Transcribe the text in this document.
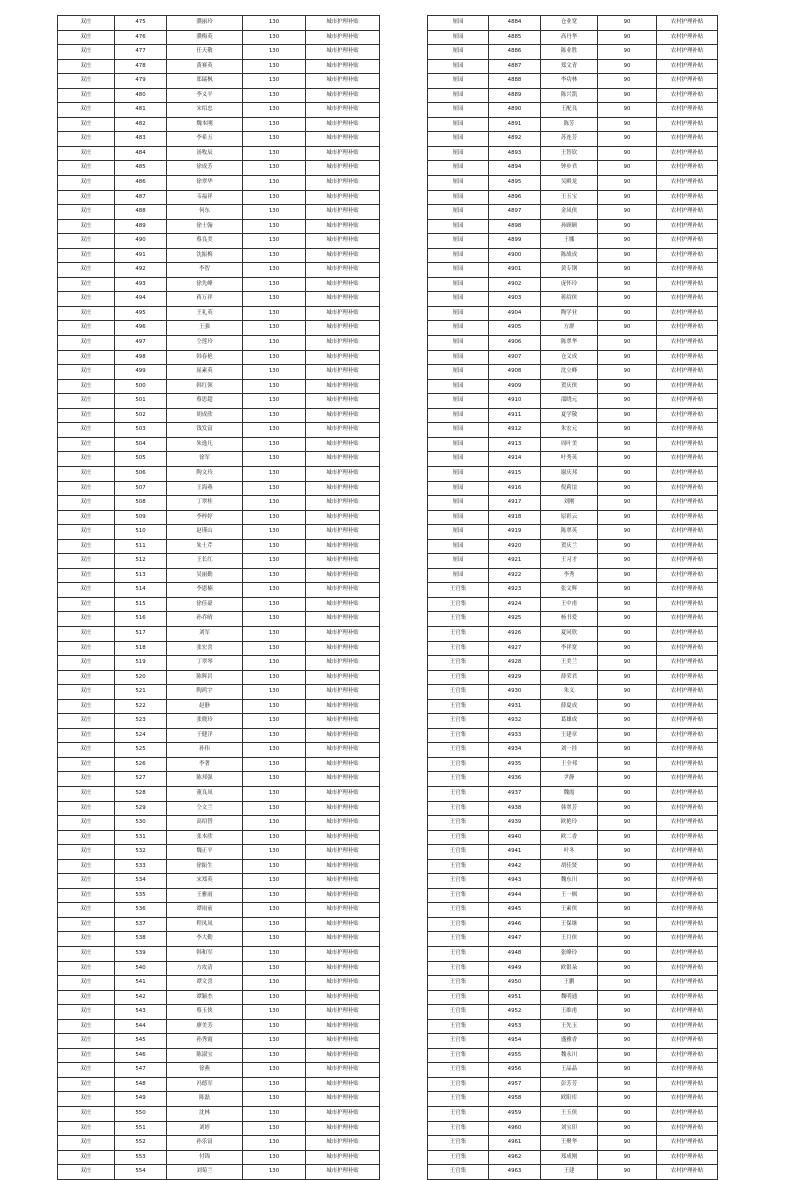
双庄	475	濮丽玲	130	城市护理补贴
双庄	476	濮梅英	130	城市护理补贴
双庄	477	任天敬	130	城市护理补贴
双庄	478	黄赛英	130	城市护理补贴
双庄	479	郑瑞枫	130	城市护理补贴
双庄	480	李义平	130	城市护理补贴
双庄	481	宋绍忠	130	城市护理补贴
双庄	482	魏本刚	130	城市护理补贴
双庄	483	李希五	130	城市护理补贴
双庄	484	汤牧辰	130	城市护理补贴
双庄	485	徐成芳	130	城市护理补贴
双庄	486	徐翠华	130	城市护理补贴
双庄	487	韦福祥	130	城市护理补贴
双庄	488	何东	130	城市护理补贴
双庄	489	徐士翰	130	城市护理补贴
双庄	490	蔡良美	130	城市护理补贴
双庄	491	沈振梅	130	城市护理补贴
双庄	492	李智	130	城市护理补贴
双庄	493	徐先峰	130	城市护理补贴
双庄	494	蒋万祥	130	城市护理补贴
双庄	495	王礼英	130	城市护理补贴
双庄	496	王强	130	城市护理补贴
双庄	497	仝莲玲	130	城市护理补贴
双庄	498	韩春艳	130	城市护理补贴
双庄	499	屈素英	130	城市护理补贴
双庄	500	韩红领	130	城市护理补贴
双庄	501	蔡思超	130	城市护理补贴
双庄	502	胡成欣	130	城市护理补贴
双庄	503	钱发富	130	城市护理补贴
双庄	504	朱逸凡	130	城市护理补贴
双庄	505	徐军	130	城市护理补贴
双庄	506	陶文玲	130	城市护理补贴
双庄	507	王海燕	130	城市护理补贴
双庄	508	丁翠桂	130	城市护理补贴
双庄	509	李梓婷	130	城市护理补贴
双庄	510	赵瑾山	130	城市护理补贴
双庄	511	朱士芹	130	城市护理补贴
双庄	512	王长红	130	城市护理补贴
双庄	513	吴丽勤	130	城市护理补贴
双庄	514	李恩楠	130	城市护理补贴
双庄	515	徐佳豪	130	城市护理补贴
双庄	516	孙乔晴	130	城市护理补贴
双庄	517	刘军	130	城市护理补贴
双庄	518	张宏喜	130	城市护理补贴
双庄	519	丁翠琴	130	城市护理补贴
双庄	520	陈辉岩	130	城市护理补贴
双庄	521	陶鸿宇	130	城市护理补贴
双庄	522	赵静	130	城市护理补贴
双庄	523	张晓玲	130	城市护理补贴
双庄	524	于健洋	130	城市护理补贴
双庄	525	孙伟	130	城市护理补贴
双庄	526	李著	130	城市护理补贴
双庄	527	陈邦强	130	城市护理补贴
双庄	528	董良凤	130	城市护理补贴
双庄	529	仝文兰	130	城市护理补贴
双庄	530	高绍替	130	城市护理补贴
双庄	531	张本欣	130	城市护理补贴
双庄	532	魏正平	130	城市护理补贴
双庄	533	徐振生	130	城市护理补贴
双庄	534	宋郑英	130	城市护理补贴
双庄	535	王雅雨	130	城市护理补贴
双庄	536	谭雨前	130	城市护理补贴
双庄	537	程凤凤	130	城市护理补贴
双庄	538	李大勤	130	城市护理补贴
双庄	539	韩和军	130	城市护理补贴
双庄	540	方攻清	130	城市护理补贴
双庄	541	谭文喜	130	城市护理补贴
双庄	542	谭颖杰	130	城市护理补贴
双庄	543	蔡玉侠	130	城市护理补贴
双庄	544	廖美芳	130	城市护理补贴
双庄	545	孙秀霞	130	城市护理补贴
双庄	546	陈淑宝	130	城市护理补贴
双庄	547	徐燕	130	城市护理补贴
双庄	548	冯德军	130	城市护理补贴
双庄	549	陈磊	130	城市护理补贴
双庄	550	沈林	130	城市护理补贴
双庄	551	刘婷	130	城市护理补贴
双庄	552	孙乐富	130	城市护理补贴
双庄	553	付锦	130	城市护理补贴
双庄	554	刘菊兰	130	城市护理补贴
厘园	4884	仓业宽	90	农村护理补贴
厘园	4885	高丹华	90	农村护理补贴
厘园	4886	陈业胜	90	农村护理补贴
厘园	4887	郑文青	90	农村护理补贴
厘园	4888	李功林	90	农村护理补贴
厘园	4889	陈兴凯	90	农村护理补贴
厘园	4890	王配良	90	农村护理补贴
厘园	4891	陈芳	90	农村护理补贴
厘园	4892	苏连芳	90	农村护理补贴
厘园	4893	王智钦	90	农村护理补贴
厘园	4894	钟步君	90	农村护理补贴
厘园	4895	吴殿龙	90	农村护理补贴
厘园	4896	王玉宝	90	农村护理补贴
厘园	4897	金凤侠	90	农村护理补贴
厘园	4898	孙顾顾	90	农村护理补贴
厘园	4899	王娜	90	农村护理补贴
厘园	4900	陈战成	90	农村护理补贴
厘园	4901	黄专钢	90	农村护理补贴
厘园	4902	庞怀玲	90	农村护理补贴
厘园	4903	蒋绍侠	90	农村护理补贴
厘园	4904	陶学业	90	农村护理补贴
厘园	4905	方群	90	农村护理补贴
厘园	4906	陈翠华	90	农村护理补贴
厘园	4907	仓义成	90	农村护理补贴
厘园	4908	沈立峰	90	农村护理补贴
厘园	4909	贺庆侠	90	农村护理补贴
厘园	4910	邵晓元	90	农村护理补贴
厘园	4911	夏学敬	90	农村护理补贴
厘园	4912	朱宏元	90	农村护理补贴
厘园	4913	周叶美	90	农村护理补贴
厘园	4914	叶秀英	90	农村护理补贴
厘园	4915	谢庆邦	90	农村护理补贴
厘园	4916	倪莉谊	90	农村护理补贴
厘园	4917	刘刚	90	农村护理补贴
厘园	4918	原彩云	90	农村护理补贴
厘园	4919	陈翠英	90	农村护理补贴
厘园	4920	贺庆兰	90	农村护理补贴
厘园	4921	王习才	90	农村护理补贴
厘园	4922	李秀	90	农村护理补贴
王官集	4923	张文辉	90	农村护理补贴
王官集	4924	王中甫	90	农村护理补贴
王官集	4925	杨书爱	90	农村护理补贴
王官集	4926	夏同欣	90	农村护理补贴
王官集	4927	李祥宽	90	农村护理补贴
王官集	4928	王美兰	90	农村护理补贴
王官集	4929	薛荣君	90	农村护理补贴
王官集	4930	朱义	90	农村护理补贴
王官集	4931	薛夏成	90	农村护理补贴
王官集	4932	葛雄成	90	农村护理补贴
王官集	4933	王建章	90	农村护理补贴
王官集	4934	刘一挂	90	农村护理补贴
王官集	4935	王全邦	90	农村护理补贴
王官集	4936	尹静	90	农村护理补贴
王官集	4937	魏霞	90	农村护理补贴
王官集	4938	韩翠芳	90	农村护理补贴
王官集	4939	欧艳玲	90	农村护理补贴
王官集	4940	欧二香	90	农村护理补贴
王官集	4941	叶冬	90	农村护理补贴
王官集	4942	胡佳贤	90	农村护理补贴
王官集	4943	魏东川	90	农村护理补贴
王官集	4944	王一枫	90	农村护理补贴
王官集	4945	王素侠	90	农村护理补贴
王官集	4946	王保继	90	农村护理补贴
王官集	4947	王月侠	90	农村护理补贴
王官集	4948	张峰玲	90	农村护理补贴
王官集	4949	欧银朵	90	农村护理补贴
王官集	4950	王鹏	90	农村护理补贴
王官集	4951	魏明通	90	农村护理补贴
王官集	4952	王维甫	90	农村护理补贴
王官集	4953	王先玉	90	农村护理补贴
王官集	4954	盛雅香	90	农村护理补贴
王官集	4955	魏永川	90	农村护理补贴
王官集	4956	王晶晶	90	农村护理补贴
王官集	4957	彭芳芳	90	农村护理补贴
王官集	4958	欧阳库	90	农村护理补贴
王官集	4959	王玉侠	90	农村护理补贴
王官集	4960	刘宝印	90	农村护理补贴
王官集	4961	王聚华	90	农村护理补贴
王官集	4962	郑成刚	90	农村护理补贴
王官集	4963	王建	90	农村护理补贴
